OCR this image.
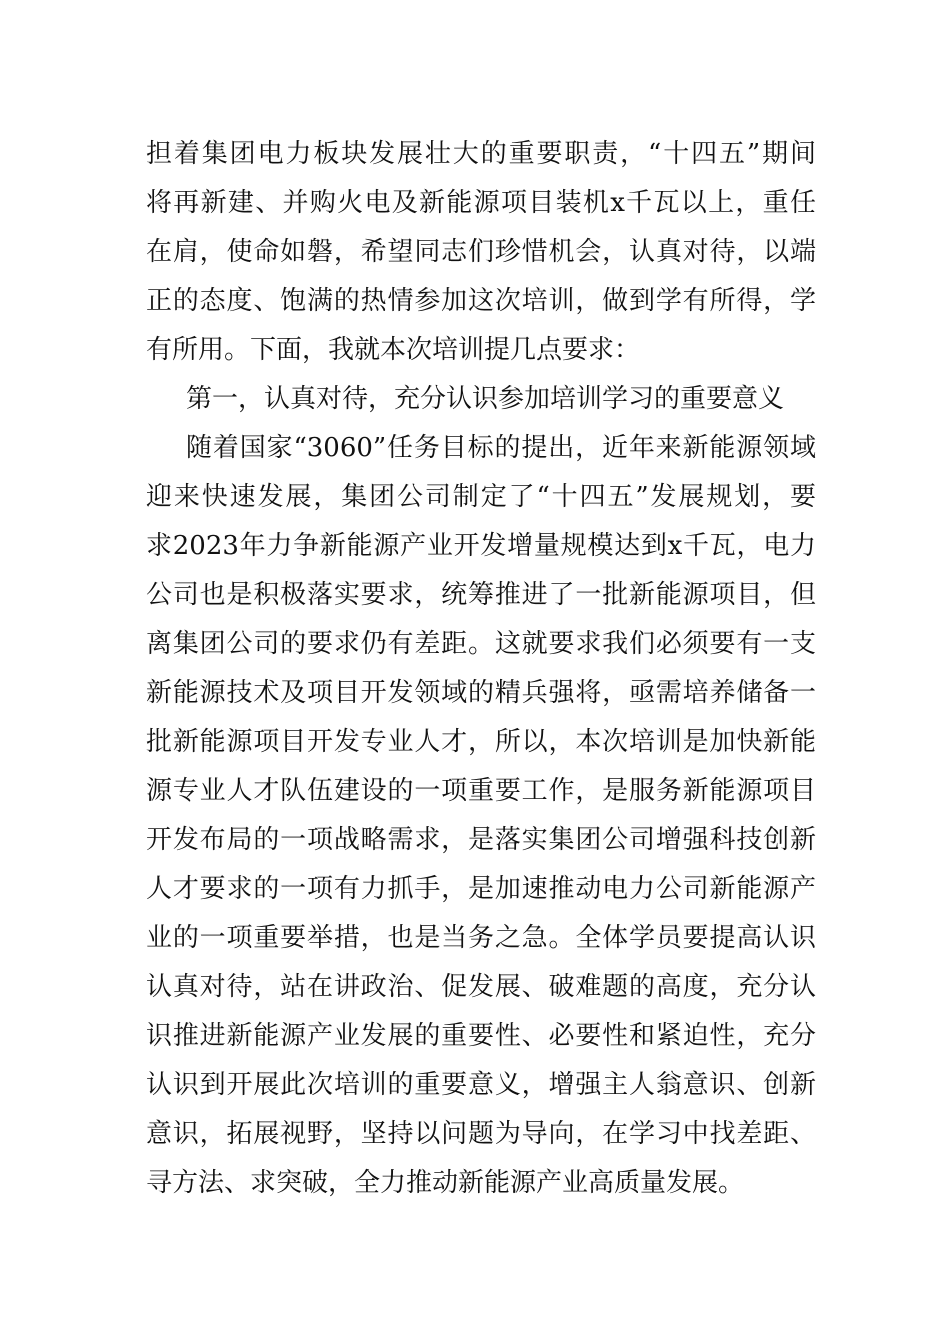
担着集团电力板块发展壮大的重要职责，“十四五”期间
将再新建、并购火电及新能源项目装机x千瓦以上，重任
在肩，使命如磐，希望同志们珍惜机会，认真对待，以端
正的态度、饱满的热情参加这次培训，做到学有所得，学
有所用。下面，我就本次培训提几点要求：
第一，认真对待，充分认识参加培训学习的重要意义
随着国家“3060”任务目标的提出，近年来新能源领域
迎来快速发展，集团公司制定了“十四五”发展规划，要
求2023年力争新能源产业开发增量规模达到x千瓦，电力
公司也是积极落实要求，统筹推进了一批新能源项目，但
离集团公司的要求仍有差距。这就要求我们必须要有一支
新能源技术及项目开发领域的精兵强将，亟需培养储备一
批新能源项目开发专业人才，所以，本次培训是加快新能
源专业人才队伍建设的一项重要工作，是服务新能源项目
开发布局的一项战略需求，是落实集团公司增强科技创新
人才要求的一项有力抓手，是加速推动电力公司新能源产
业的一项重要举措，也是当务之急。全体学员要提高认识
认真对待，站在讲政治、促发展、破难题的高度，充分认
识推进新能源产业发展的重要性、必要性和紧迫性，充分
认识到开展此次培训的重要意义，增强主人翁意识、创新
意识，拓展视野，坚持以问题为导向，在学习中找差距、
寻方法、求突破，全力推动新能源产业高质量发展。
